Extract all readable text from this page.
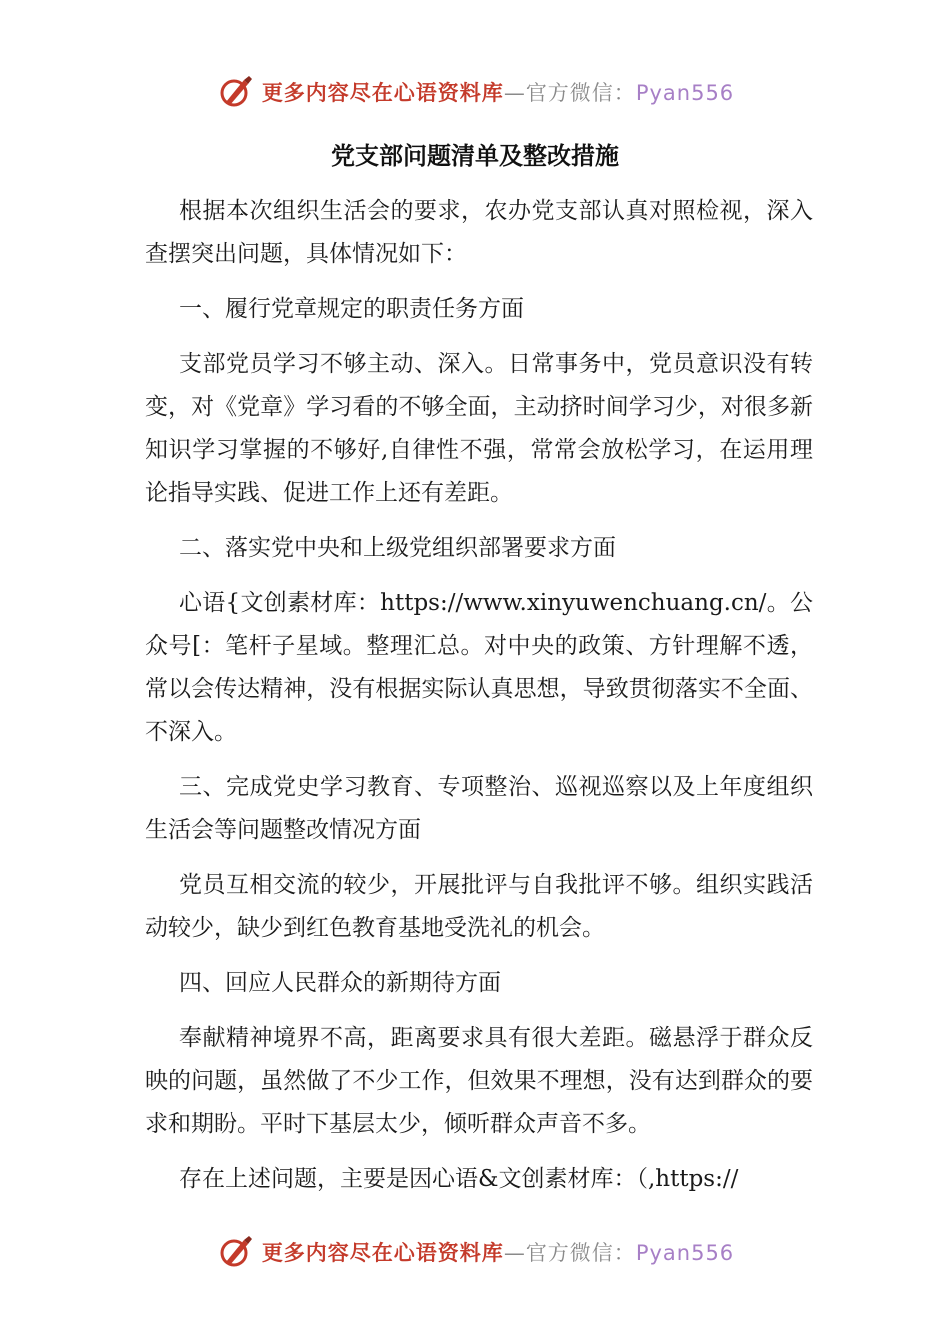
更多内容尽在心语资料库—官方微信：Pyan556
党支部问题清单及整改措施

根据本次组织生活会的要求，农办党支部认真对照检视，深入查摆突出问题，具体情况如下：

一、履行党章规定的职责任务方面

支部党员学习不够主动、深入。日常事务中，党员意识没有转变，对《党章》学习看的不够全面，主动挤时间学习少，对很多新知识学习掌握的不够好,自律性不强，常常会放松学习，在运用理论指导实践、促进工作上还有差距。

二、落实党中央和上级党组织部署要求方面

心语{文创素材库：https://www.xinyuwenchuang.cn/。公众号[：笔杆子星域。整理汇总。对中央的政策、方针理解不透，常以会传达精神，没有根据实际认真思想，导致贯彻落实不全面、不深入。

三、完成党史学习教育、专项整治、巡视巡察以及上年度组织生活会等问题整改情况方面

党员互相交流的较少，开展批评与自我批评不够。组织实践活动较少，缺少到红色教育基地受洗礼的机会。

四、回应人民群众的新期待方面

奉献精神境界不高，距离要求具有很大差距。磁悬浮于群众反映的问题，虽然做了不少工作，但效果不理想，没有达到群众的要求和期盼。平时下基层太少，倾听群众声音不多。

存在上述问题，主要是因心语&文创素材库：（,https://

更多内容尽在心语资料库—官方微信：Pyan556
